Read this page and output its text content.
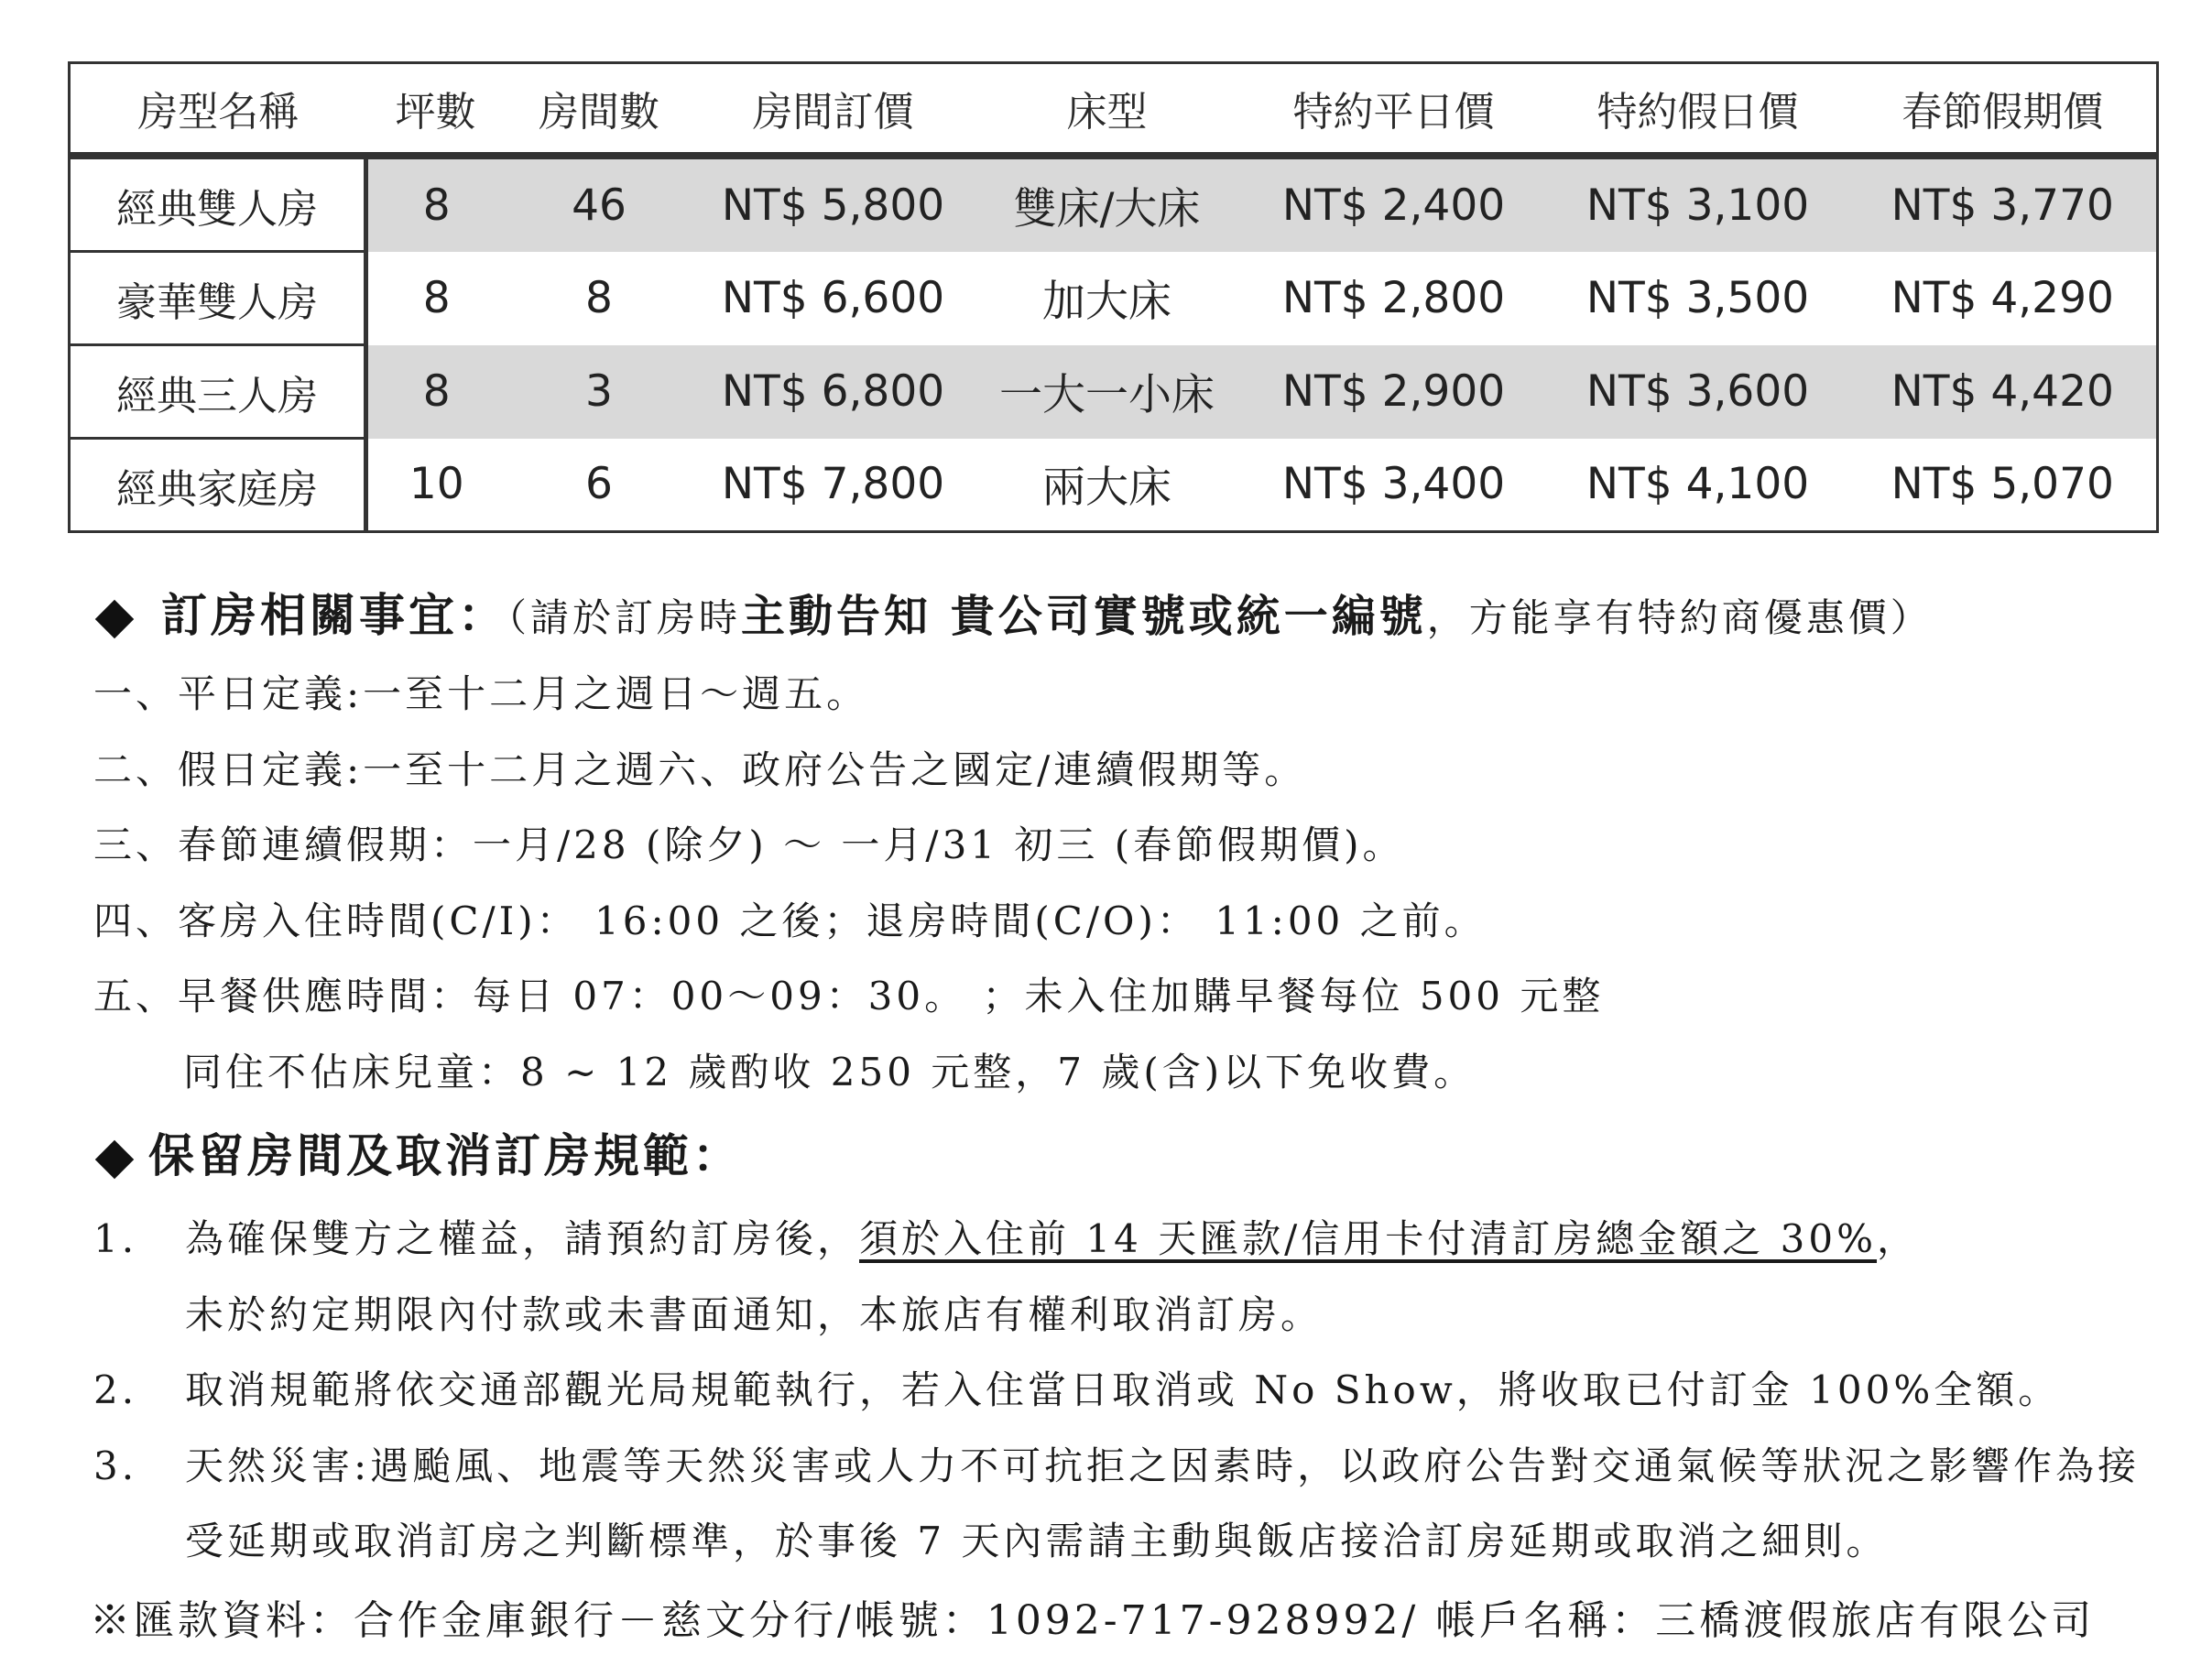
房型名稱	坪數	房間數	房間訂價	床型	特約平日價	特約假日價	春節假期價
經典雙人房	8	46	NT$ 5,800	雙床/大床	NT$ 2,400	NT$ 3,100	NT$ 3,770
豪華雙人房	8	8	NT$ 6,600	加大床	NT$ 2,800	NT$ 3,500	NT$ 4,290
經典三人房	8	3	NT$ 6,800	一大一小床	NT$ 2,900	NT$ 3,600	NT$ 4,420
經典家庭房	10	6	NT$ 7,800	兩大床	NT$ 3,400	NT$ 4,100	NT$ 5,070
訂房相關事宜：（請於訂房時主動告知 貴公司實號或統一編號，方能享有特約商優惠價）
一、平日定義:一至十二月之週日～週五。
二、假日定義:一至十二月之週六、政府公告之國定/連續假期等。
三、春節連續假期：一月/28 (除夕) ～ 一月/31 初三 (春節假期價)。
四、客房入住時間(C/I)： 16:00 之後；退房時間(C/O)： 11:00 之前。
五、早餐供應時間：每日 07：00～09：30。 ；未入住加購早餐每位 500 元整
同住不佔床兒童：8 ~ 12 歲酌收 250 元整，7 歲(含)以下免收費。
保留房間及取消訂房規範：
1. 為確保雙方之權益，請預約訂房後，須於入住前 14 天匯款/信用卡付清訂房總金額之 30%，
未於約定期限內付款或未書面通知，本旅店有權利取消訂房。
2. 取消規範將依交通部觀光局規範執行，若入住當日取消或 No Show，將收取已付訂金 100%全額。
3. 天然災害:遇颱風、地震等天然災害或人力不可抗拒之因素時，以政府公告對交通氣候等狀況之影響作為接
受延期或取消訂房之判斷標準，於事後 7 天內需請主動與飯店接洽訂房延期或取消之細則。
※匯款資料：合作金庫銀行－慈文分行/帳號：1092-717-928992/ 帳戶名稱：三橋渡假旅店有限公司
